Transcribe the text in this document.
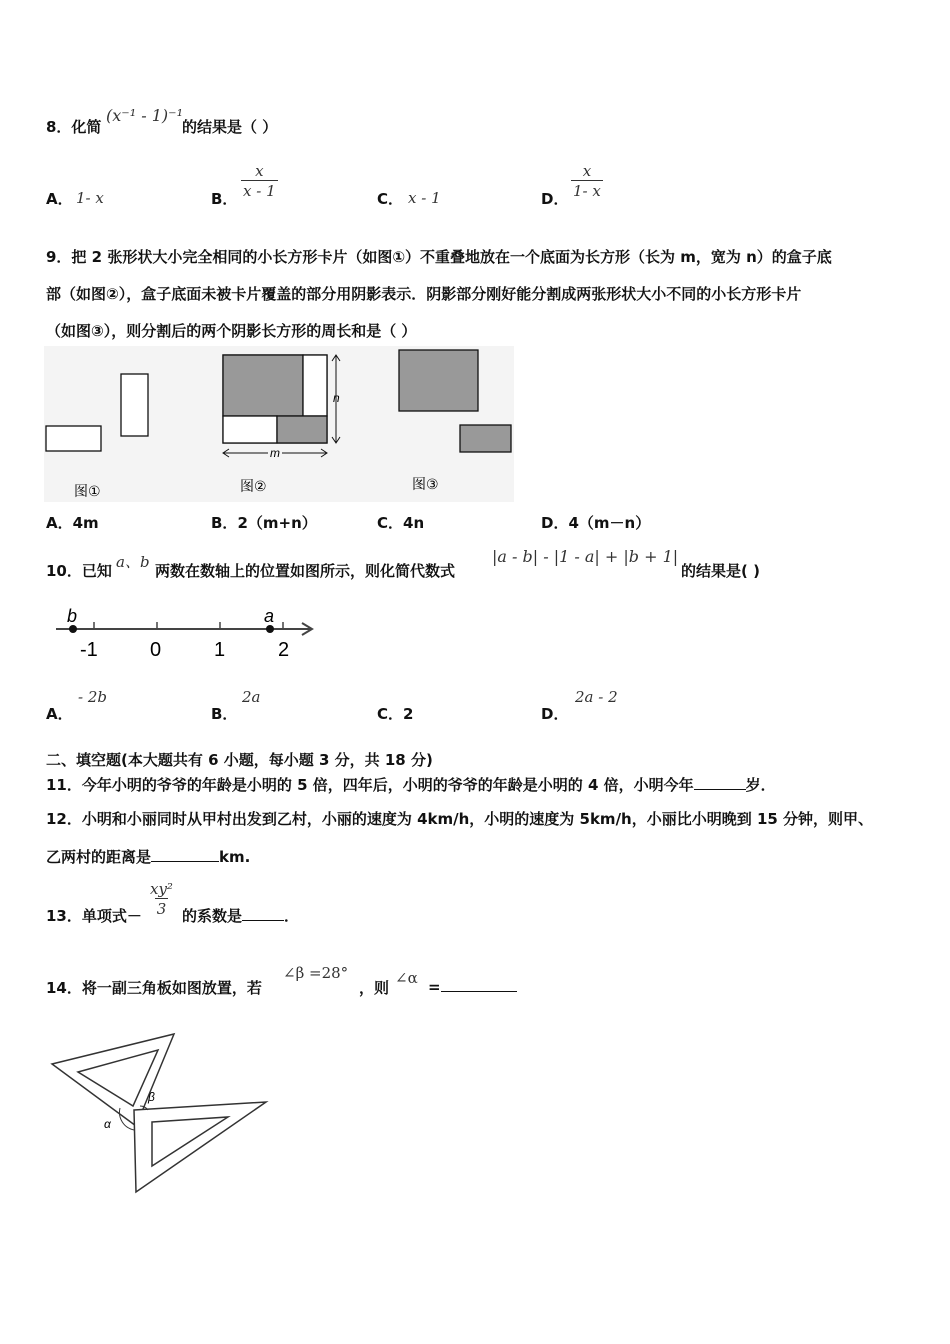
8．化简
(x⁻¹ - 1)⁻¹
的结果是（ ）
A． 1- x	B． $\frac{x}{x - 1}$	C． x - 1	D． $\frac{x}{1- x}$
9．把 2 张形状大小完全相同的小长方形卡片（如图①）不重叠地放在一个底面为长方形（长为 m，宽为 n）的盒子底
部（如图②），盒子底面未被卡片覆盖的部分用阴影表示．阴影部分刚好能分割成两张形状大小不同的小长方形卡片
（如图③），则分割后的两个阴影长方形的周长和是（ ）
图①
n
m
图②	图③
A．4m	B．2（m+n）	C．4n	D．4（m－n）
10．已知 a、b 两数在数轴上的位置如图所示，则化简代数式
|a - b| - |1 - a| + |b + 1|
的结果是( )
b	a
-1	0	1	2
A．
- 2b
B．
2a
C．2	D．
2a - 2
二、填空题(本大题共有 6 小题，每小题 3 分，共 18 分)
11．今年小明的爷爷的年龄是小明的 5 倍，四年后，小明的爷爷的年龄是小明的 4 倍，小明今年	岁．
12．小明和小丽同时从甲村出发到乙村，小丽的速度为 4km/h，小明的速度为 5km/h，小丽比小明晚到 15 分钟，则甲、
乙两村的距离是	km.
13．单项式－ $\frac{\text{xy²}}{3}$ 的系数是	．
14．将一副三角板如图放置，若
∠β =28°
，则
∠α =
α
β
